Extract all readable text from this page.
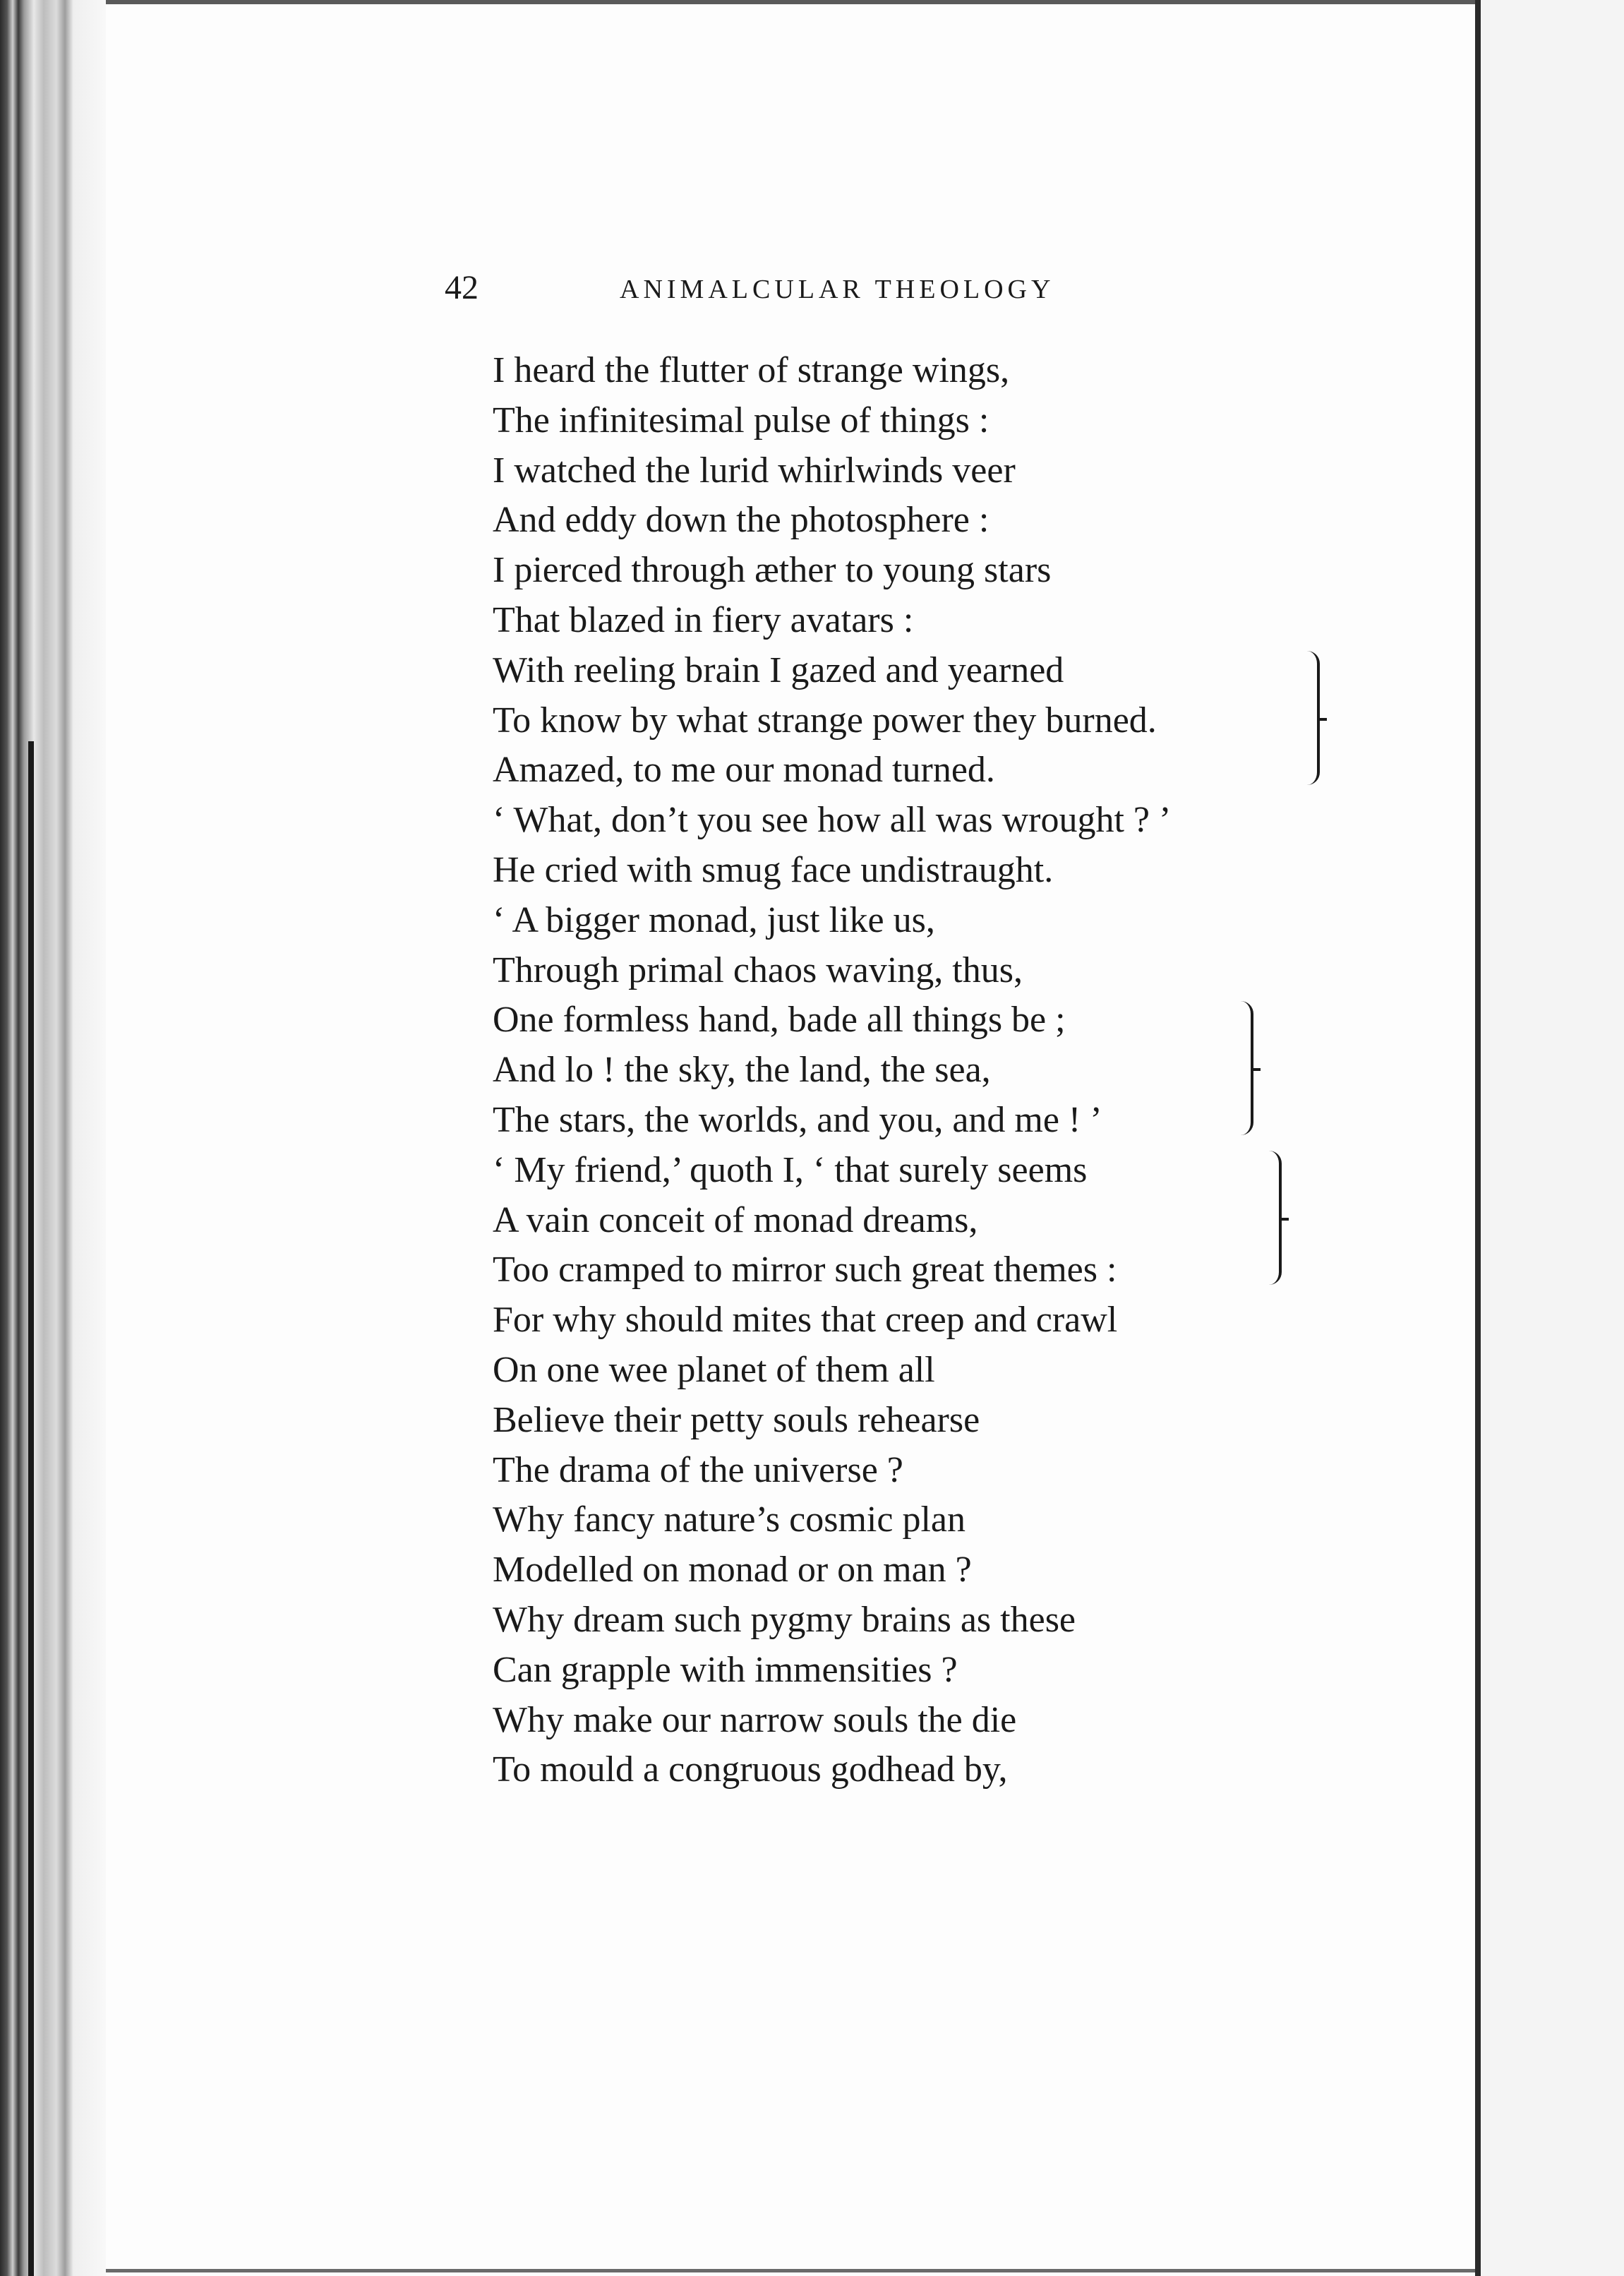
42	ANIMALCULAR THEOLOGY
I heard the flutter of strange wings,
The infinitesimal pulse of things :
I watched the lurid whirlwinds veer
And eddy down the photosphere :
I pierced through æther to young stars
That blazed in fiery avatars :
With reeling brain I gazed and yearned
To know by what strange power they burned.
Amazed, to me our monad turned.
‘ What, don’t you see how all was wrought ? ’
He cried with smug face undistraught.
‘ A bigger monad, just like us,
Through primal chaos waving, thus,
One formless hand, bade all things be ;
And lo ! the sky, the land, the sea,
The stars, the worlds, and you, and me ! ’
‘ My friend,’ quoth I, ‘ that surely seems
A vain conceit of monad dreams,
Too cramped to mirror such great themes :
For why should mites that creep and crawl
On one wee planet of them all
Believe their petty souls rehearse
The drama of the universe ?
Why fancy nature’s cosmic plan
Modelled on monad or on man ?
Why dream such pygmy brains as these
Can grapple with immensities ?
Why make our narrow souls the die
To mould a congruous godhead by,
